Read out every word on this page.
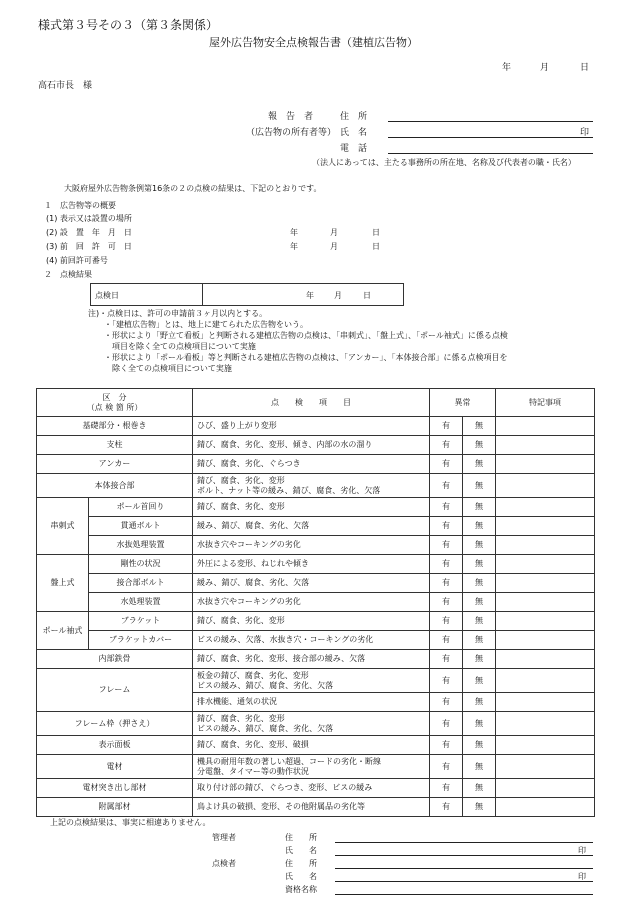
様式第３号その３（第３条関係）
屋外広告物安全点検報告書（建植広告物）
年	月	日
高石市長　様
報　告　者	住　所
（広告物の所有者等） 氏　名	印
電　話
（法人にあっては、主たる事務所の所在地、名称及び代表者の職・氏名）
大阪府屋外広告物条例第16条の２の点検の結果は、下記のとおりです。
１　広告物等の概要
(1) 表示又は設置の場所
(2) 設　置　年　月　日	年	月	日
(3) 前　回　許　可　日	年	月	日
(4) 前回許可番号
２　点検結果
点検日	年	月	日
注)・点検日は、許可の申請前３ヶ月以内とする。
・「建植広告物」とは、地上に建てられた広告物をいう。
・形状により「野立て看板」と判断される建植広告物の点検は、「串刺式」、「盤上式」、「ポール袖式」に係る点検
　項目を除く全ての点検項目について実施
・形状により「ポール看板」等と判断される建植広告物の点検は、「アンカー」、「本体接合部」に係る点検項目を
　除く全ての点検項目について実施
区　分
（点 検 箇 所）		点　　検　　項　　目	異常		特記事項
基礎部分・根巻き		ひび、盛り上がり変形	有	無	
支柱		錆び、腐食、劣化、変形、傾き、内部の水の溜り	有	無	
アンカー		錆び、腐食、劣化、ぐらつき	有	無	
本体接合部		錆び、腐食、劣化、変形
ボルト、ナット等の緩み、錆び、腐食、劣化、欠落	有	無	
串刺式	ポール首回り	錆び、腐食、劣化、変形	有	無	
	貫通ボルト	緩み、錆び、腐食、劣化、欠落	有	無	
	水抜処理装置	水抜き穴やコーキングの劣化	有	無	
盤上式	剛性の状況	外圧による変形、ねじれや傾き	有	無	
	接合部ボルト	緩み、錆び、腐食、劣化、欠落	有	無	
	水処理装置	水抜き穴やコーキングの劣化	有	無	
ポール袖式	ブラケット	錆び、腐食、劣化、変形	有	無	
	ブラケットカバー	ビスの緩み、欠落、水抜き穴・コーキングの劣化	有	無	
内部鉄骨		錆び、腐食、劣化、変形、接合部の緩み、欠落	有	無	
フレーム		板金の錆び、腐食、劣化、変形
ビスの緩み、錆び、腐食、劣化、欠落	有	無	
		排水機能、通気の状況	有	無	
フレーム枠（押さえ）		錆び、腐食、劣化、変形
ビスの緩み、錆び、腐食、劣化、欠落	有	無	
表示面板		錆び、腐食、劣化、変形、破損	有	無	
電材		機具の耐用年数の著しい超過、コードの劣化・断線
分電盤、タイマー等の動作状況	有	無	
電材突き出し部材		取り付け部の錆び、ぐらつき、変形、ビスの緩み	有	無	
附属部材		鳥よけ具の破損、変形、その他附属品の劣化等	有	無	
上記の点検結果は、事実に相違ありません。
管理者	住　　所
氏　　名	印
点検者	住　　所
氏　　名	印
資格名称
